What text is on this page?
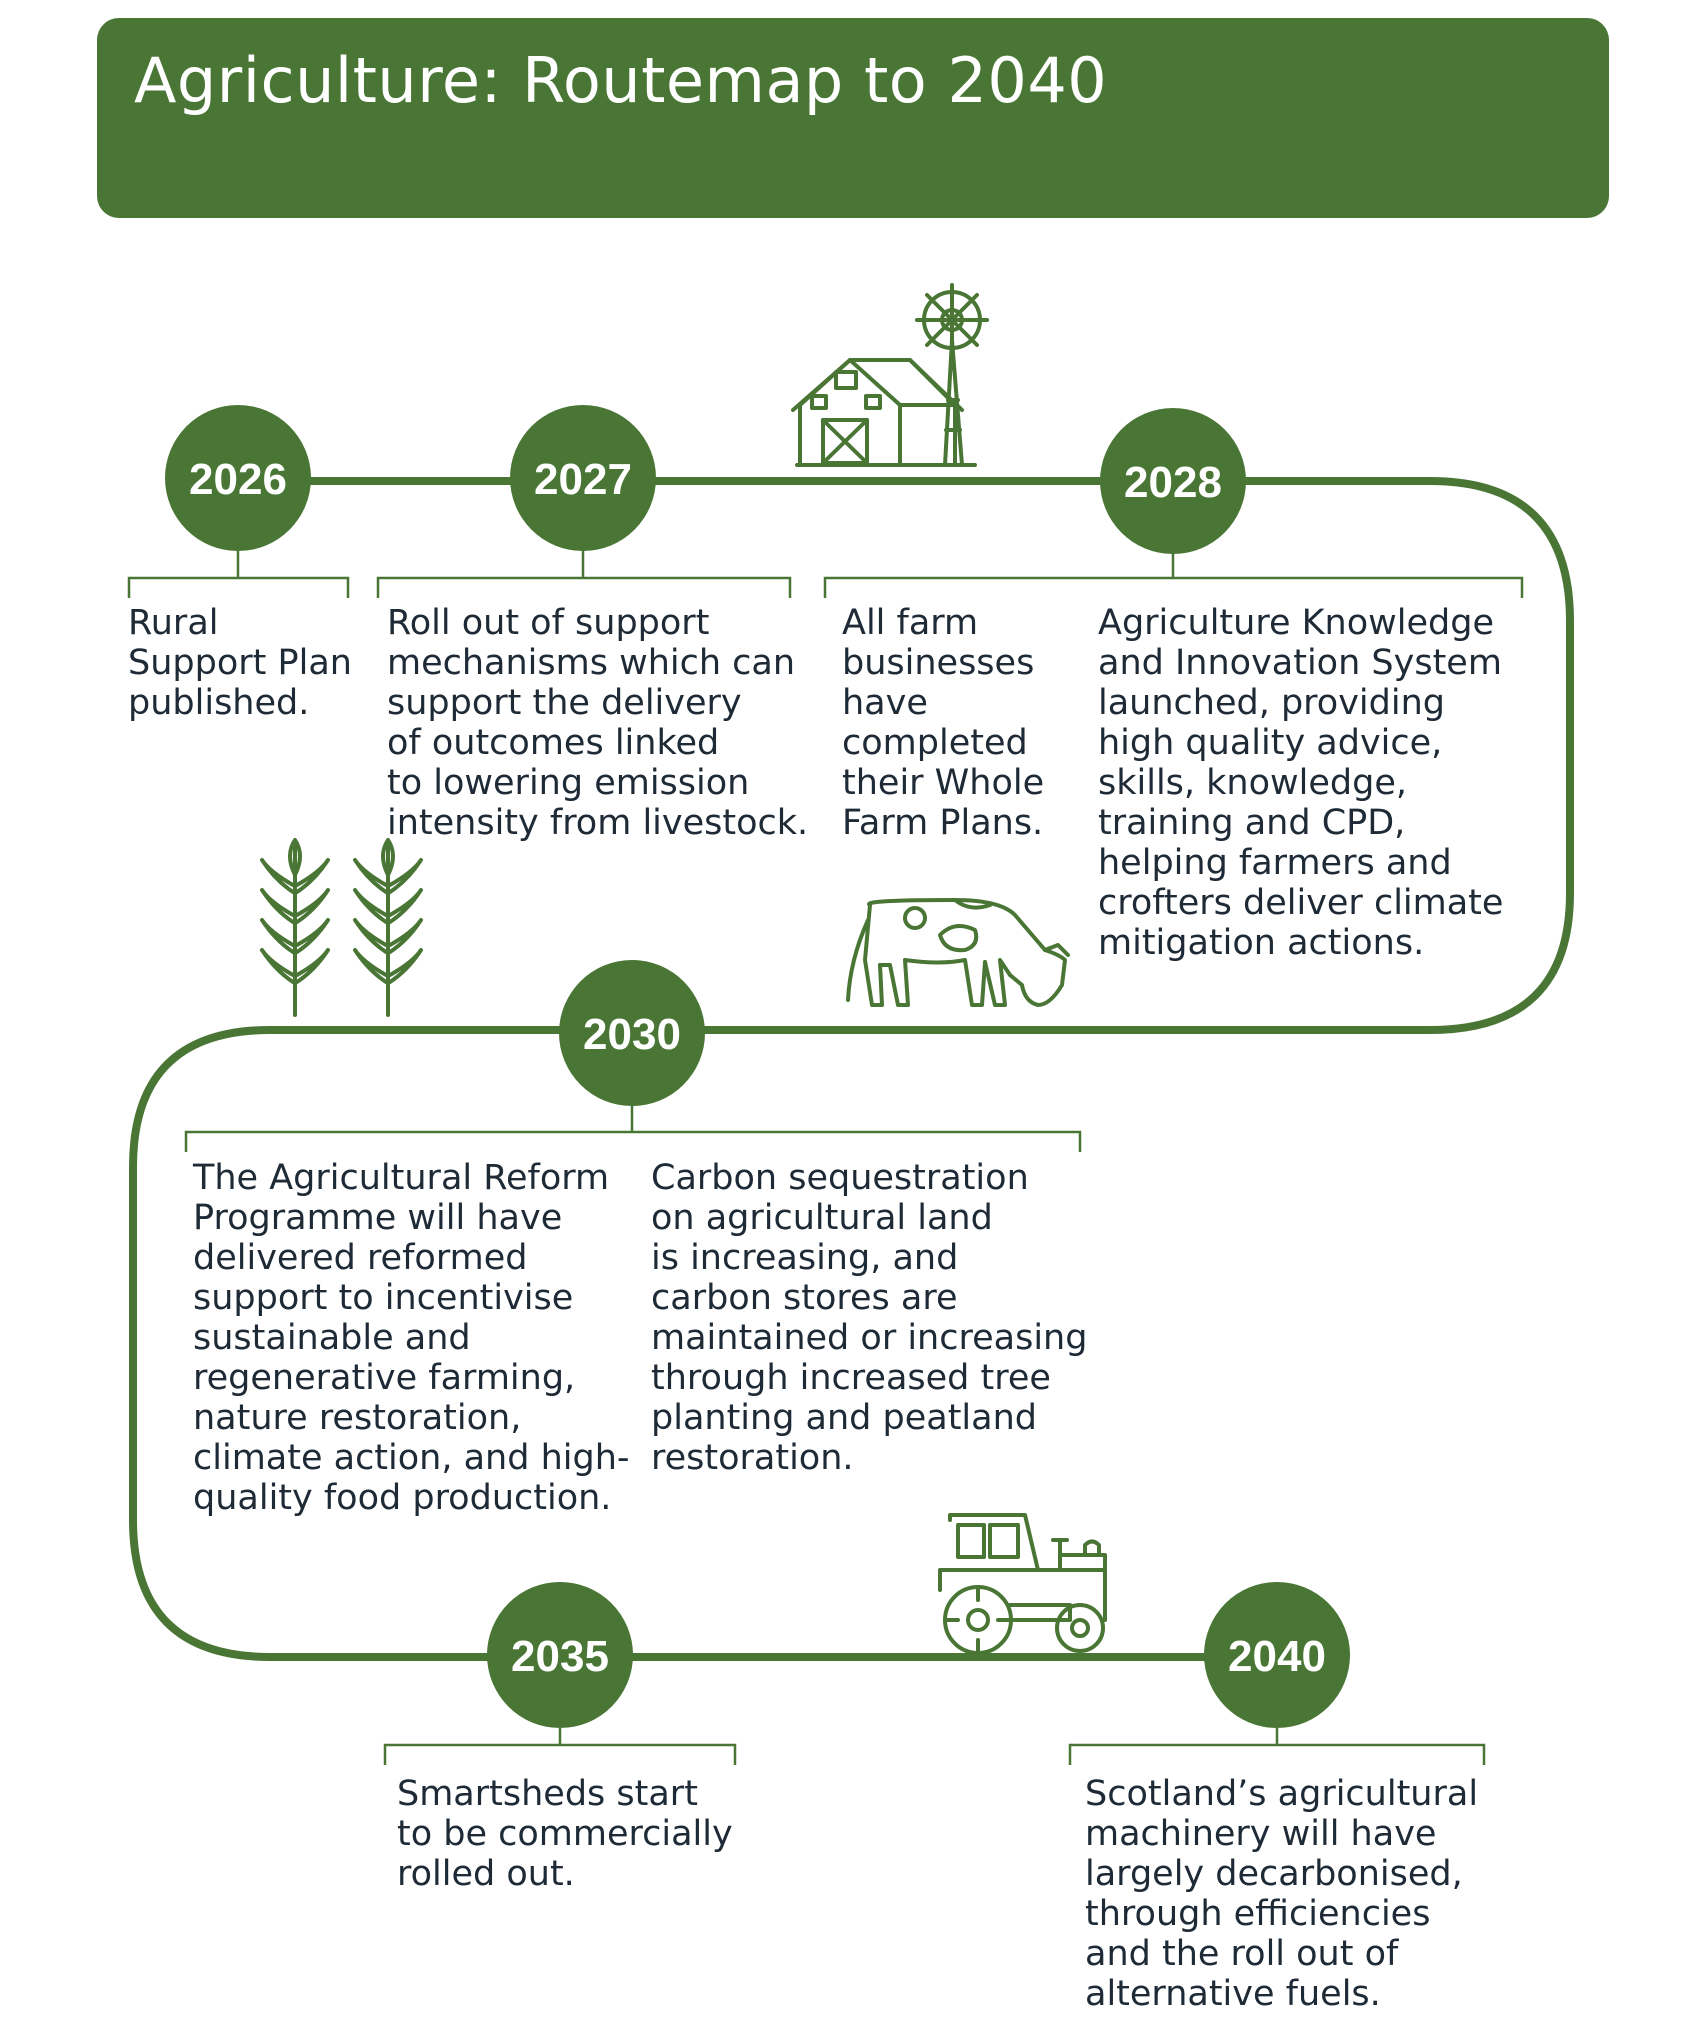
Agriculture: Routemap to 2040
2026	2027	2028
2030
2035	2040
Rural
Support Plan
published.
Roll out of support
mechanisms which can
support the delivery
of outcomes linked
to lowering emission
intensity from livestock.
All farm
businesses
have
completed
their Whole
Farm Plans.
Agriculture Knowledge
and Innovation System
launched, providing
high quality advice,
skills, knowledge,
training and CPD,
helping farmers and
crofters deliver climate
mitigation actions.
The Agricultural Reform
Programme will have
delivered reformed
support to incentivise
sustainable and
regenerative farming,
nature restoration,
climate action, and high-
quality food production.
Carbon sequestration
on agricultural land
is increasing, and
carbon stores are
maintained or increasing
through increased tree
planting and peatland
restoration.
Smartsheds start
to be commercially
rolled out.
Scotland’s agricultural
machinery will have
largely decarbonised,
through efficiencies
and the roll out of
alternative fuels.
